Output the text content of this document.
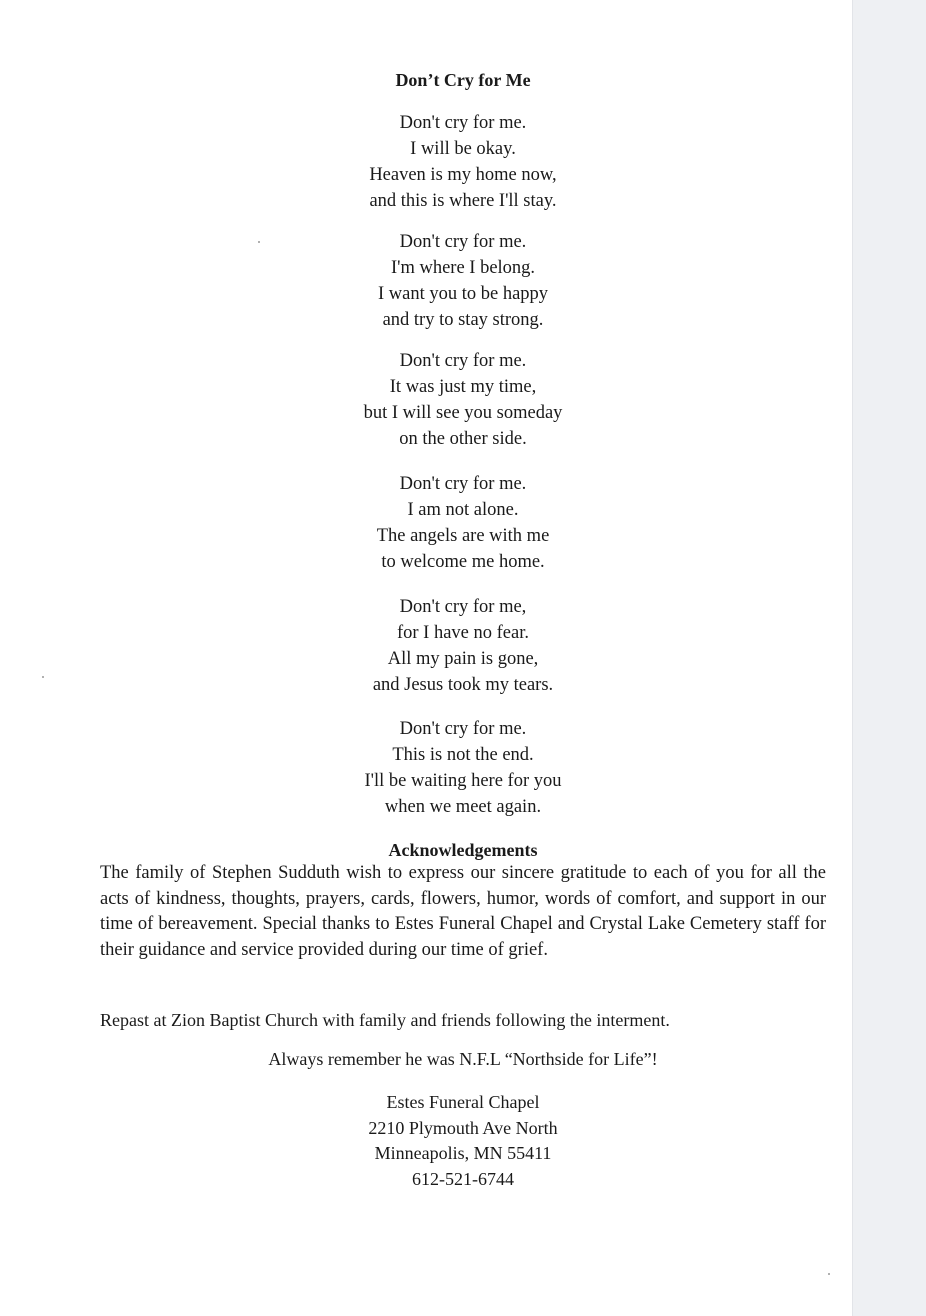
Don’t Cry for Me
Don't cry for me.
I will be okay.
Heaven is my home now,
and this is where I'll stay.
Don't cry for me.
I'm where I belong.
I want you to be happy
and try to stay strong.
Don't cry for me.
It was just my time,
but I will see you someday
on the other side.
Don't cry for me.
I am not alone.
The angels are with me
to welcome me home.
Don't cry for me,
for I have no fear.
All my pain is gone,
and Jesus took my tears.
Don't cry for me.
This is not the end.
I'll be waiting here for you
when we meet again.
Acknowledgements
The family of Stephen Sudduth wish to express our sincere gratitude to each of you for all the acts of kindness, thoughts, prayers, cards, flowers, humor, words of comfort, and support in our time of bereavement. Special thanks to Estes Funeral Chapel and Crystal Lake Cemetery staff for their guidance and service provided during our time of grief.
Repast at Zion Baptist Church with family and friends following the interment.
Always remember he was N.F.L “Northside for Life”!
Estes Funeral Chapel
2210 Plymouth Ave North
Minneapolis, MN 55411
612-521-6744
